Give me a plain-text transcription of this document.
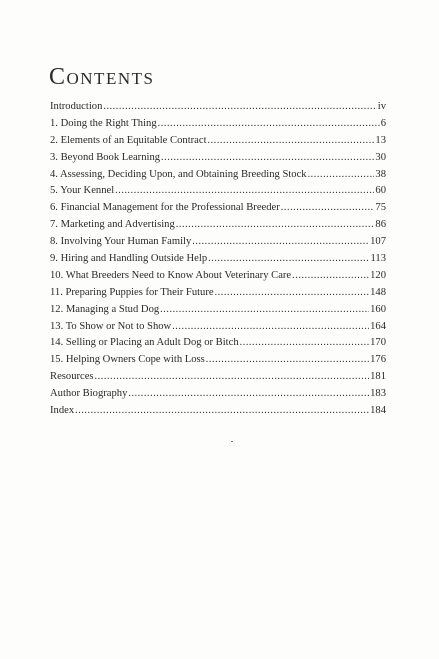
Contents
Introduction .....	iv
1. Doing the Right Thing .....	6
2. Elements of an Equitable Contract .....	13
3. Beyond Book Learning .....	30
4. Assessing, Deciding Upon, and Obtaining Breeding Stock .....	38
5. Your Kennel .....	60
6. Financial Management for the Professional Breeder .....	75
7. Marketing and Advertising .....	86
8. Involving Your Human Family .....	107
9. Hiring and Handling Outside Help .....	113
10. What Breeders Need to Know About Veterinary Care .....	120
11. Preparing Puppies for Their Future .....	148
12. Managing a Stud Dog .....	160
13. To Show or Not to Show .....	164
14. Selling or Placing an Adult Dog or Bitch .....	170
15. Helping Owners Cope with Loss .....	176
Resources .....	181
Author Biography .....	183
Index .....	184
